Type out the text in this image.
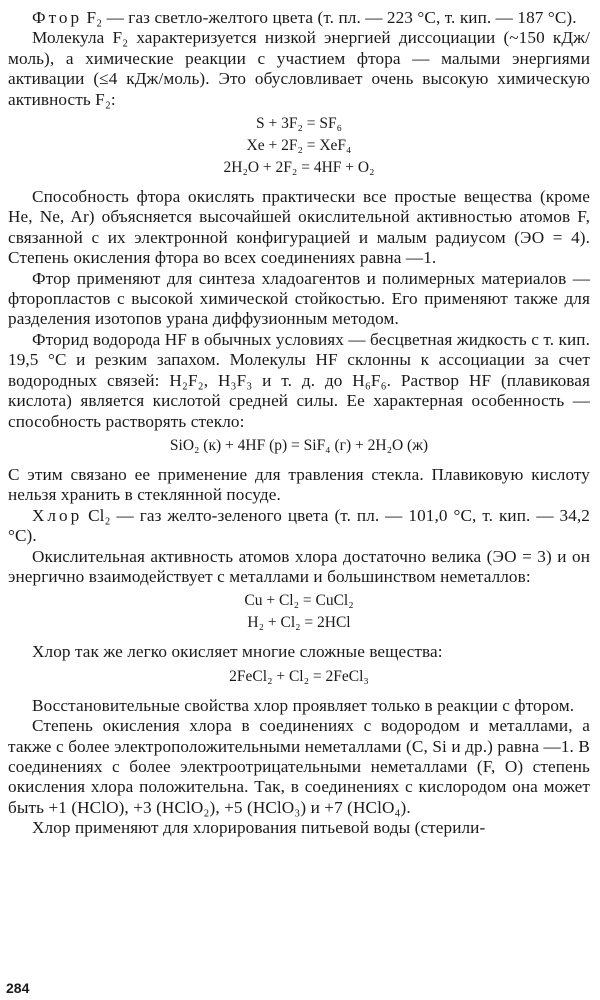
Фтор F₂ — газ светло-желтого цвета (т. пл. — 223 °С, т. кип. — 187 °С).

Молекула F₂ характеризуется низкой энергией диссоциации (~150 кДж/моль), а химические реакции с участием фтора — малыми энергиями активации (≤4 кДж/моль). Это обусловливает очень высокую химическую активность F₂:

S + 3F₂ = SF₆

Xe + 2F₂ = XeF₄

2H₂O + 2F₂ = 4HF + O₂

Способность фтора окислять практически все простые вещества (кроме He, Ne, Ar) объясняется высочайшей окислительной активностью атомов F, связанной с их электронной конфигурацией и малым радиусом (ЭО = 4). Степень окисления фтора во всех соединениях равна —1.

Фтор применяют для синтеза хладоагентов и полимерных материалов — фторопластов с высокой химической стойкостью. Его применяют также для разделения изотопов урана диффузионным методом.

Фторид водорода HF в обычных условиях — бесцветная жидкость с т. кип. 19,5 °С и резким запахом. Молекулы HF склонны к ассоциации за счет водородных связей: H₂F₂, H₃F₃ и т. д. до H₆F₆. Раствор HF (плавиковая кислота) является кислотой средней силы. Ее характерная особенность — способность растворять стекло:

SiO₂ (к) + 4HF (р) = SiF₄ (г) + 2H₂O (ж)

С этим связано ее применение для травления стекла. Плавиковую кислоту нельзя хранить в стеклянной посуде.

Хлор Cl₂ — газ желто-зеленого цвета (т. пл. — 101,0 °С, т. кип. — 34,2 °С).

Окислительная активность атомов хлора достаточно велика (ЭО = 3) и он энергично взаимодействует с металлами и большинством неметаллов:

Cu + Cl₂ = CuCl₂

H₂ + Cl₂ = 2HCl

Хлор так же легко окисляет многие сложные вещества:

2FeCl₂ + Cl₂ = 2FeCl₃

Восстановительные свойства хлор проявляет только в реакции с фтором.

Степень окисления хлора в соединениях с водородом и металлами, а также с более электроположительными неметаллами (C, Si и др.) равна —1. В соединениях с более электроотрицательными неметаллами (F, O) степень окисления хлора положительна. Так, в соединениях с кислородом она может быть +1 (HClO), +3 (HClO₂), +5 (HClO₃) и +7 (HClO₄).

Хлор применяют для хлорирования питьевой воды (стерили-

284
